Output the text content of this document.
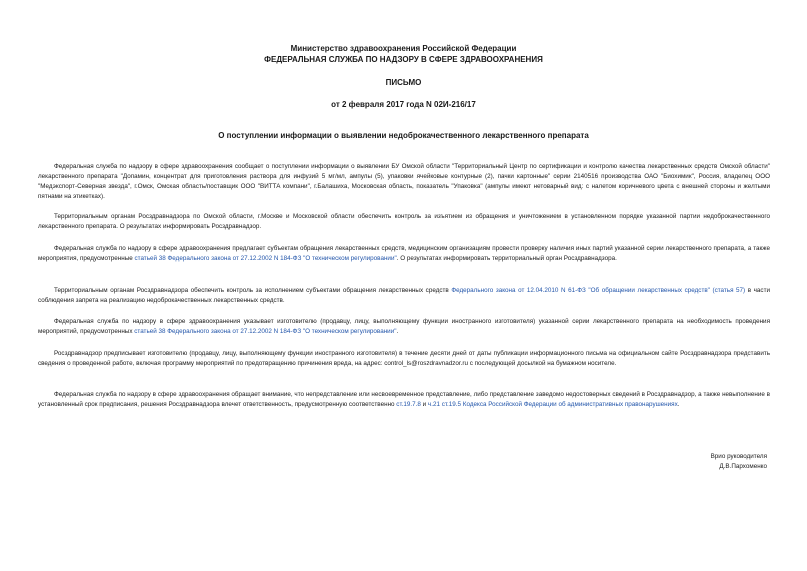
Министерство здравоохранения Российской Федерации
ФЕДЕРАЛЬНАЯ СЛУЖБА ПО НАДЗОРУ В СФЕРЕ ЗДРАВООХРАНЕНИЯ
ПИСЬМО
от 2 февраля 2017 года N 02И-216/17
О поступлении информации о выявлении недоброкачественного лекарственного препарата

Федеральная служба по надзору в сфере здравоохранения сообщает о поступлении информации о выявлении БУ Омской области "Территориальный Центр по сертификации и контролю качества лекарственных средств Омской области" лекарственного препарата "Допамин, концентрат для приготовления раствора для инфузий 5 мг/мл, ампулы (5), упаковки ячейковые контурные (2), пачки картонные" серии 2140516 производства ОАО "Биохимик", Россия, владелец ООО "Медэкспорт-Северная звезда", г.Омск, Омская область/поставщик ООО "ВИТТА компани", г.Балашиха, Московская область, показатель "Упаковка" (ампулы имеют нетоварный вид: с налетом коричневого цвета с внешней стороны и желтыми пятнами на этикетках).

Территориальным органам Росздравнадзора по Омской области, г.Москве и Московской области обеспечить контроль за изъятием из обращения и уничтожением в установленном порядке указанной партии недоброкачественного лекарственного препарата. О результатах информировать Росздравнадзор.

Федеральная служба по надзору в сфере здравоохранения предлагает субъектам обращения лекарственных средств, медицинским организациям провести проверку наличия иных партий указанной серии лекарственного препарата, а также мероприятия, предусмотренные статьей 38 Федерального закона от 27.12.2002 N 184-ФЗ "О техническом регулировании". О результатах информировать территориальный орган Росздравнадзора.

Территориальным органам Росздравнадзора обеспечить контроль за исполнением субъектами обращения лекарственных средств Федерального закона от 12.04.2010 N 61-ФЗ "Об обращении лекарственных средств" (статья 57) в части соблюдения запрета на реализацию недоброкачественных лекарственных средств.

Федеральная служба по надзору в сфере здравоохранения указывает изготовителю (продавцу, лицу, выполняющему функции иностранного изготовителя) указанной серии лекарственного препарата на необходимость проведения мероприятий, предусмотренных статьей 38 Федерального закона от 27.12.2002 N 184-ФЗ "О техническом регулировании".

Росздравнадзор предписывает изготовителю (продавцу, лицу, выполняющему функции иностранного изготовителя) в течение десяти дней от даты публикации информационного письма на официальном сайте Росздравнадзора представить сведения о проведенной работе, включая программу мероприятий по предотвращению причинения вреда, на адрес: control_ls@roszdravnadzor.ru с последующей досылкой на бумажном носителе.

Федеральная служба по надзору в сфере здравоохранения обращает внимание, что непредставление или несвоевременное представление, либо представление заведомо недостоверных сведений в Росздравнадзор, а также невыполнение в установленный срок предписания, решения Росздравнадзора влечет ответственность, предусмотренную соответственно ст.19.7.8 и ч.21 ст.19.5 Кодекса Российской Федерации об административных правонарушениях.

Врио руководителя
Д.В.Пархоменко
